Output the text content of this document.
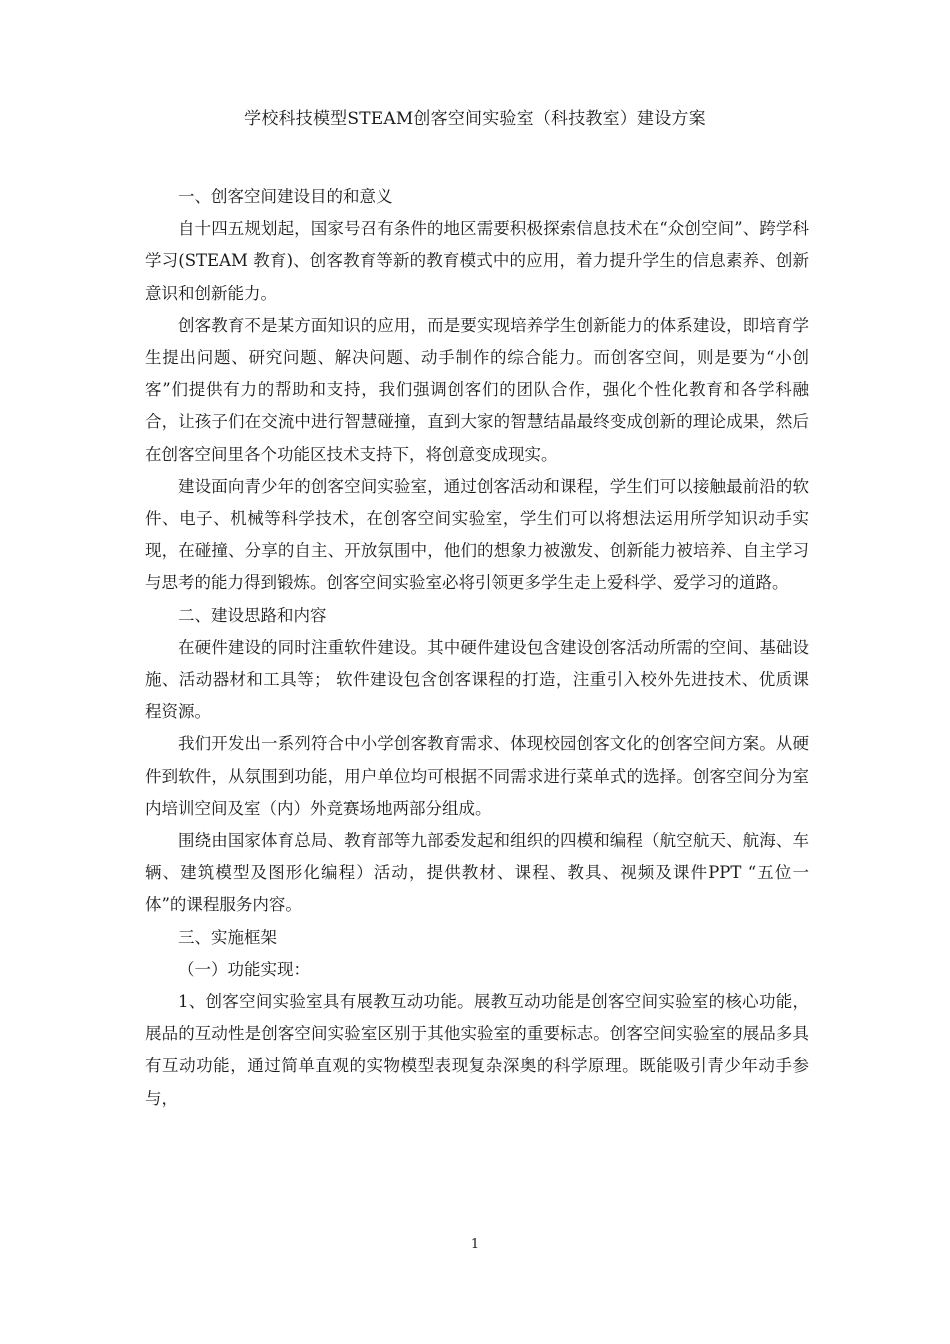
学校科技模型STEAM创客空间实验室（科技教室）建设方案

一、创客空间建设目的和意义

自十四五规划起，国家号召有条件的地区需要积极探索信息技术在“众创空间”、跨学科学习(STEAM 教育)、创客教育等新的教育模式中的应用，着力提升学生的信息素养、创新意识和创新能力。

创客教育不是某方面知识的应用，而是要实现培养学生创新能力的体系建设，即培育学生提出问题、研究问题、解决问题、动手制作的综合能力。而创客空间，则是要为“小创客”们提供有力的帮助和支持，我们强调创客们的团队合作，强化个性化教育和各学科融合，让孩子们在交流中进行智慧碰撞，直到大家的智慧结晶最终变成创新的理论成果，然后在创客空间里各个功能区技术支持下，将创意变成现实。

建设面向青少年的创客空间实验室，通过创客活动和课程，学生们可以接触最前沿的软件、电子、机械等科学技术，在创客空间实验室，学生们可以将想法运用所学知识动手实现，在碰撞、分享的自主、开放氛围中，他们的想象力被激发、创新能力被培养、自主学习与思考的能力得到锻炼。创客空间实验室必将引领更多学生走上爱科学、爱学习的道路。

二、建设思路和内容

在硬件建设的同时注重软件建设。其中硬件建设包含建设创客活动所需的空间、基础设施、活动器材和工具等； 软件建设包含创客课程的打造，注重引入校外先进技术、优质课程资源。

我们开发出一系列符合中小学创客教育需求、体现校园创客文化的创客空间方案。从硬件到软件，从氛围到功能，用户单位均可根据不同需求进行菜单式的选择。创客空间分为室内培训空间及室（内）外竞赛场地两部分组成。

围绕由国家体育总局、教育部等九部委发起和组织的四模和编程（航空航天、航海、车辆、建筑模型及图形化编程）活动，提供教材、课程、教具、视频及课件PPT “五位一体”的课程服务内容。

三、实施框架

（一）功能实现：

1、创客空间实验室具有展教互动功能。展教互动功能是创客空间实验室的核心功能，展品的互动性是创客空间实验室区别于其他实验室的重要标志。创客空间实验室的展品多具有互动功能，通过简单直观的实物模型表现复杂深奥的科学原理。既能吸引青少年动手参与，

1
